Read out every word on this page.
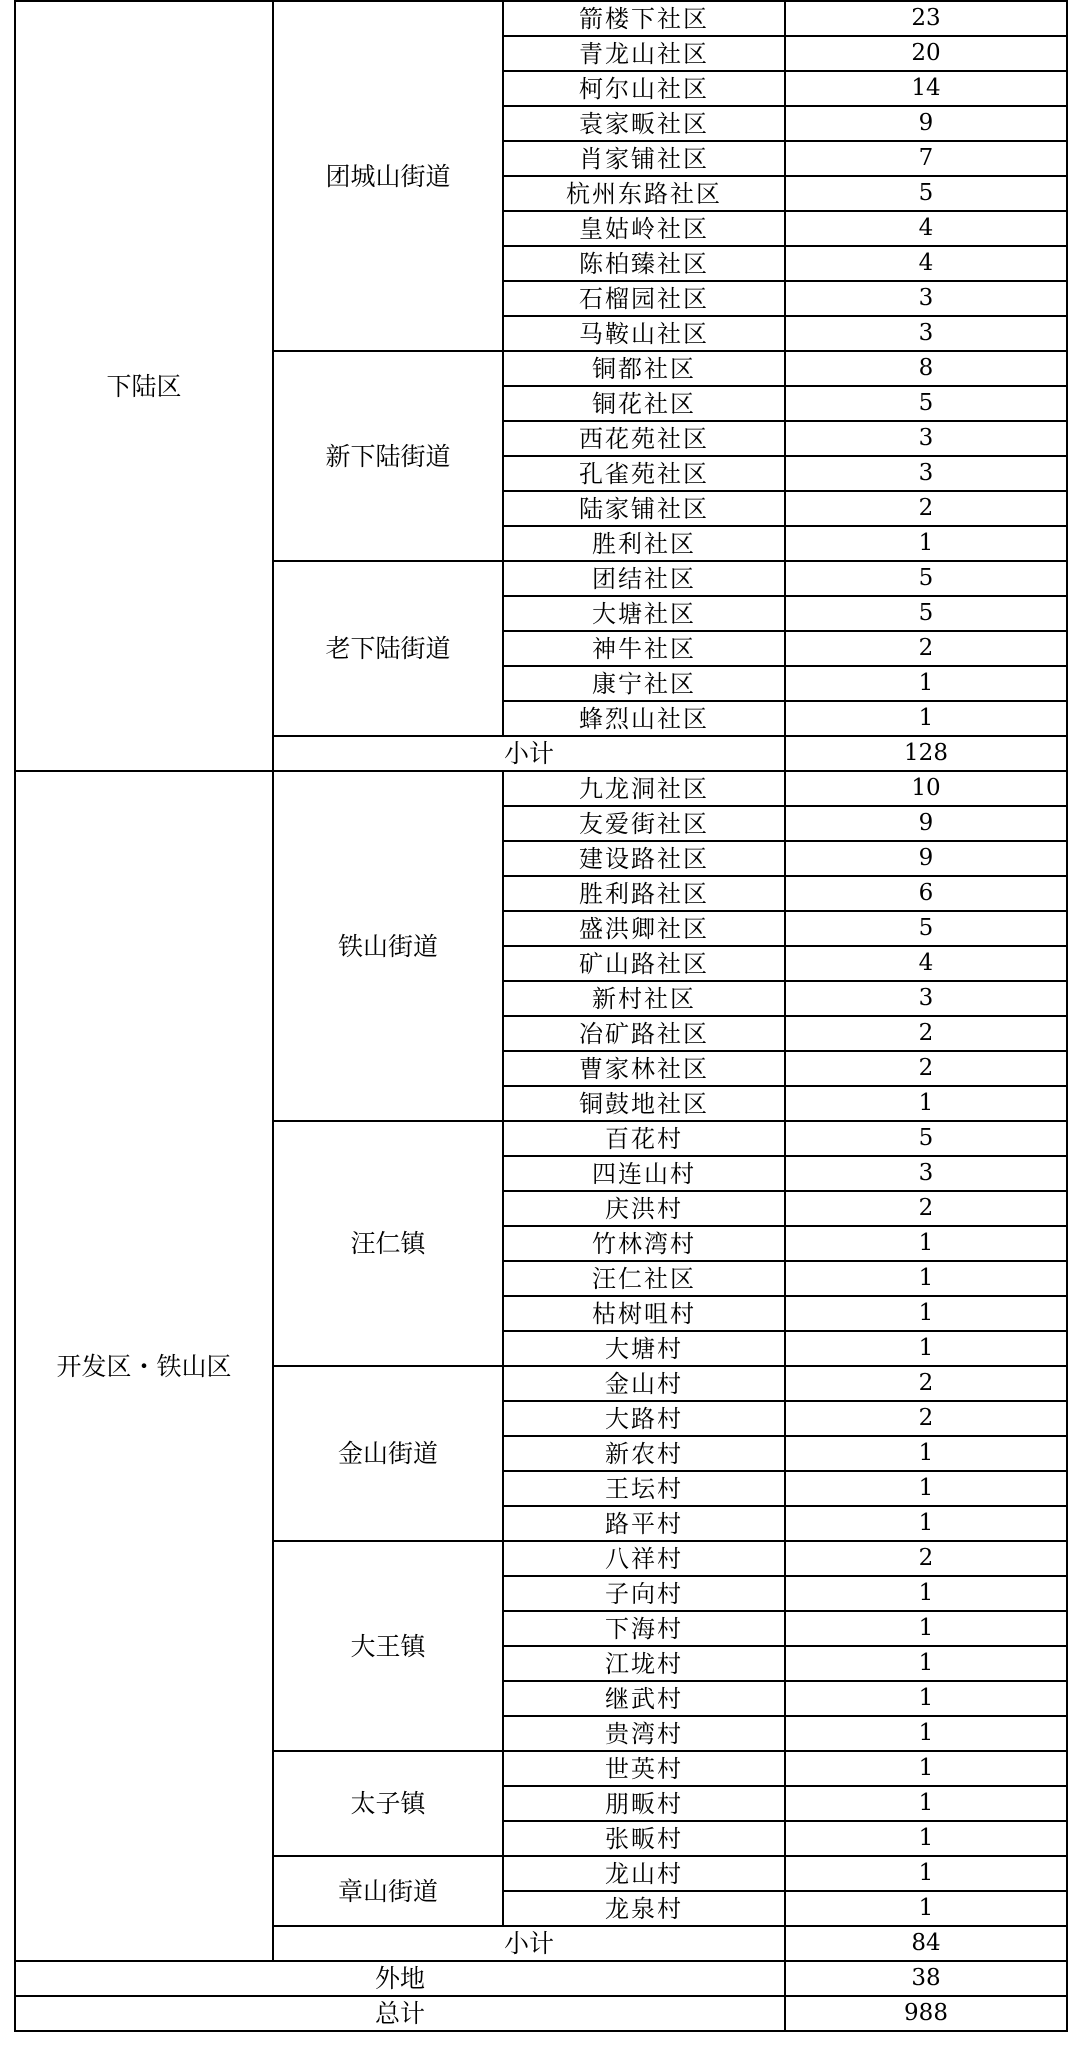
下陆区	团城山街道	箭楼下社区	23
		青龙山社区	20
		柯尔山社区	14
		袁家畈社区	9
		肖家铺社区	7
		杭州东路社区	5
		皇姑岭社区	4
		陈柏臻社区	4
		石榴园社区	3
		马鞍山社区	3
	新下陆街道	铜都社区	8
		铜花社区	5
		西花苑社区	3
		孔雀苑社区	3
		陆家铺社区	2
		胜利社区	1
	老下陆街道	团结社区	5
		大塘社区	5
		神牛社区	2
		康宁社区	1
		蜂烈山社区	1
	小计		128
开发区・铁山区	铁山街道	九龙洞社区	10
		友爱街社区	9
		建设路社区	9
		胜利路社区	6
		盛洪卿社区	5
		矿山路社区	4
		新村社区	3
		冶矿路社区	2
		曹家林社区	2
		铜鼓地社区	1
	汪仁镇	百花村	5
		四连山村	3
		庆洪村	2
		竹林湾村	1
		汪仁社区	1
		枯树咀村	1
		大塘村	1
	金山街道	金山村	2
		大路村	2
		新农村	1
		王坛村	1
		路平村	1
	大王镇	八祥村	2
		子向村	1
		下海村	1
		江垅村	1
		继武村	1
		贵湾村	1
	太子镇	世英村	1
		朋畈村	1
		张畈村	1
	章山街道	龙山村	1
		龙泉村	1
	小计		84
外地			38
总计			988
